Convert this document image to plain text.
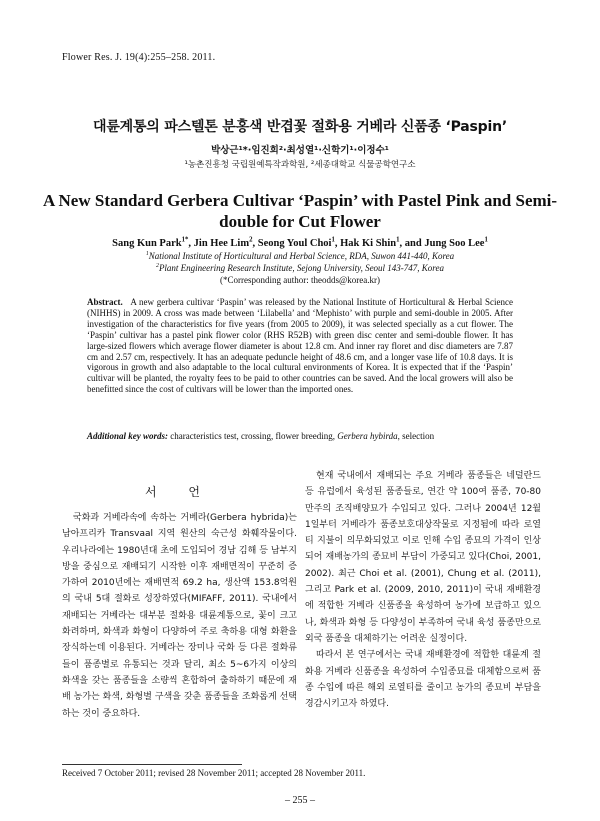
Flower Res. J. 19(4):255–258. 2011.
대륜계통의 파스텔톤 분홍색 반겹꽃 절화용 거베라 신품종 ‘Paspin’
박상근¹*·임진희²·최성열¹·신학기¹·이정수¹
¹농촌진흥청 국립원예특작과학원, ²세종대학교 식물공학연구소
A New Standard Gerbera Cultivar ‘Paspin’ with Pastel Pink and Semi-double for Cut Flower
Sang Kun Park$^{1*}$, Jin Hee Lim$^2$, Seong Youl Choi$^1$, Hak Ki Shin$^1$, and Jung Soo Lee$^1$
$^1$National Institute of Horticultural and Herbal Science, RDA, Suwon 441-440, Korea
$^2$Plant Engineering Research Institute, Sejong University, Seoul 143-747, Korea
(*Corresponding author: theodds@korea.kr)
Abstract. A new gerbera cultivar ‘Paspin’ was released by the National Institute of Horticultural & Herbal Science (NIHHS) in 2009. A cross was made between ‘Lilabella’ and ‘Mephisto’ with purple and semi-double in 2005. After investigation of the characteristics for five years (from 2005 to 2009), it was selected specially as a cut flower. The ‘Paspin’ cultivar has a pastel pink flower color (RHS R52B) with green disc center and semi-double flower. It has large-sized flowers which average flower diameter is about 12.8 cm. And inner ray floret and disc diameters are 7.87 cm and 2.57 cm, respectively. It has an adequate peduncle height of 48.6 cm, and a longer vase life of 10.8 days. It is vigorous in growth and also adaptable to the local cultural environments of Korea. It is expected that if the ‘Paspin’ cultivar will be planted, the royalty fees to be paid to other countries can be saved. And the local growers will also be benefitted since the cost of cultivars will be lower than the imported ones.
Additional key words: characteristics test, crossing, flower breeding, Gerbera hybirda, selection
서 언

국화과 거베라속에 속하는 거베라(Gerbera hybrida)는 남아프리카 Transvaal 지역 원산의 숙근성 화훼작물이다. 우리나라에는 1980년대 초에 도입되어 경남 김해 등 남부지방을 중심으로 재배되기 시작한 이후 재배면적이 꾸준히 증가하여 2010년에는 재배면적 69.2 ha, 생산액 153.8억원의 국내 5대 절화로 성장하였다(MIFAFF, 2011). 국내에서 재배되는 거베라는 대부분 절화용 대륜계통으로, 꽃이 크고 화려하며, 화색과 화형이 다양하여 주로 축하용 대형 화환을 장식하는데 이용된다. 거베라는 장미나 국화 등 다른 절화류들이 품종별로 유통되는 것과 달리, 최소 5~6가지 이상의 화색을 갖는 품종들을 소량씩 혼합하여 출하하기 때문에 재배 농가는 화색, 화형별 구색을 갖춘 품종들을 조화롭게 선택하는 것이 중요하다.

현재 국내에서 재배되는 주요 거베라 품종들은 네덜란드 등 유럽에서 육성된 품종들로, 연간 약 100여 품종, 70-80만주의 조직배양묘가 수입되고 있다. 그러나 2004년 12월 1일부터 거베라가 품종보호대상작물로 지정됨에 따라 로열티 지불이 의무화되었고 이로 인해 수입 종묘의 가격이 인상되어 재배농가의 종묘비 부담이 가중되고 있다(Choi, 2001, 2002). 최근 Choi et al. (2001), Chung et al. (2011), 그리고 Park et al. (2009, 2010, 2011)이 국내 재배환경에 적합한 거베라 신품종을 육성하여 농가에 보급하고 있으나, 화색과 화형 등 다양성이 부족하여 국내 육성 품종만으로 외국 품종을 대체하기는 어려운 실정이다.

따라서 본 연구에서는 국내 재배환경에 적합한 대륜계 절화용 거베라 신품종을 육성하여 수입종묘를 대체함으로써 품종 수입에 따른 해외 로열티를 줄이고 농가의 종묘비 부담을 경감시키고자 하였다.

Received 7 October 2011; revised 28 November 2011; accepted 28 November 2011.
– 255 –
